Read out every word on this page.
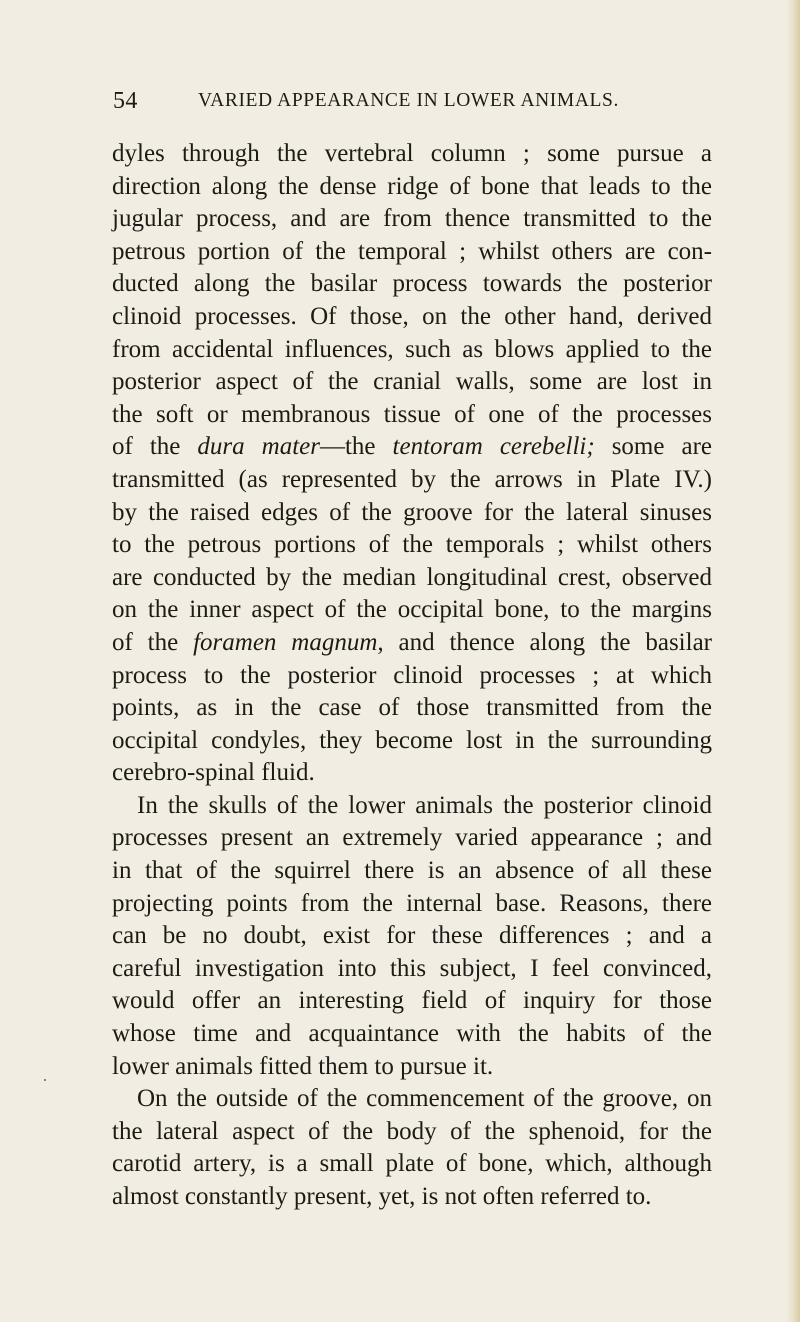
54	VARIED APPEARANCE IN LOWER ANIMALS.
dyles through the vertebral column ; some pursue a
direction along the dense ridge of bone that leads to the
jugular process, and are from thence transmitted to the
petrous portion of the temporal ; whilst others are con-
ducted along the basilar process towards the posterior
clinoid processes. Of those, on the other hand, derived
from accidental influences, such as blows applied to the
posterior aspect of the cranial walls, some are lost in
the soft or membranous tissue of one of the processes
of the dura mater—the tentoram cerebelli; some are
transmitted (as represented by the arrows in Plate IV.)
by the raised edges of the groove for the lateral sinuses
to the petrous portions of the temporals ; whilst others
are conducted by the median longitudinal crest, observed
on the inner aspect of the occipital bone, to the margins
of the foramen magnum, and thence along the basilar
process to the posterior clinoid processes ; at which
points, as in the case of those transmitted from the
occipital condyles, they become lost in the surrounding
cerebro-spinal fluid.
In the skulls of the lower animals the posterior clinoid
processes present an extremely varied appearance ; and
in that of the squirrel there is an absence of all these
projecting points from the internal base. Reasons, there
can be no doubt, exist for these differences ; and a
careful investigation into this subject, I feel convinced,
would offer an interesting field of inquiry for those
whose time and acquaintance with the habits of the
lower animals fitted them to pursue it.
On the outside of the commencement of the groove, on
the lateral aspect of the body of the sphenoid, for the
carotid artery, is a small plate of bone, which, although
almost constantly present, yet, is not often referred to.
